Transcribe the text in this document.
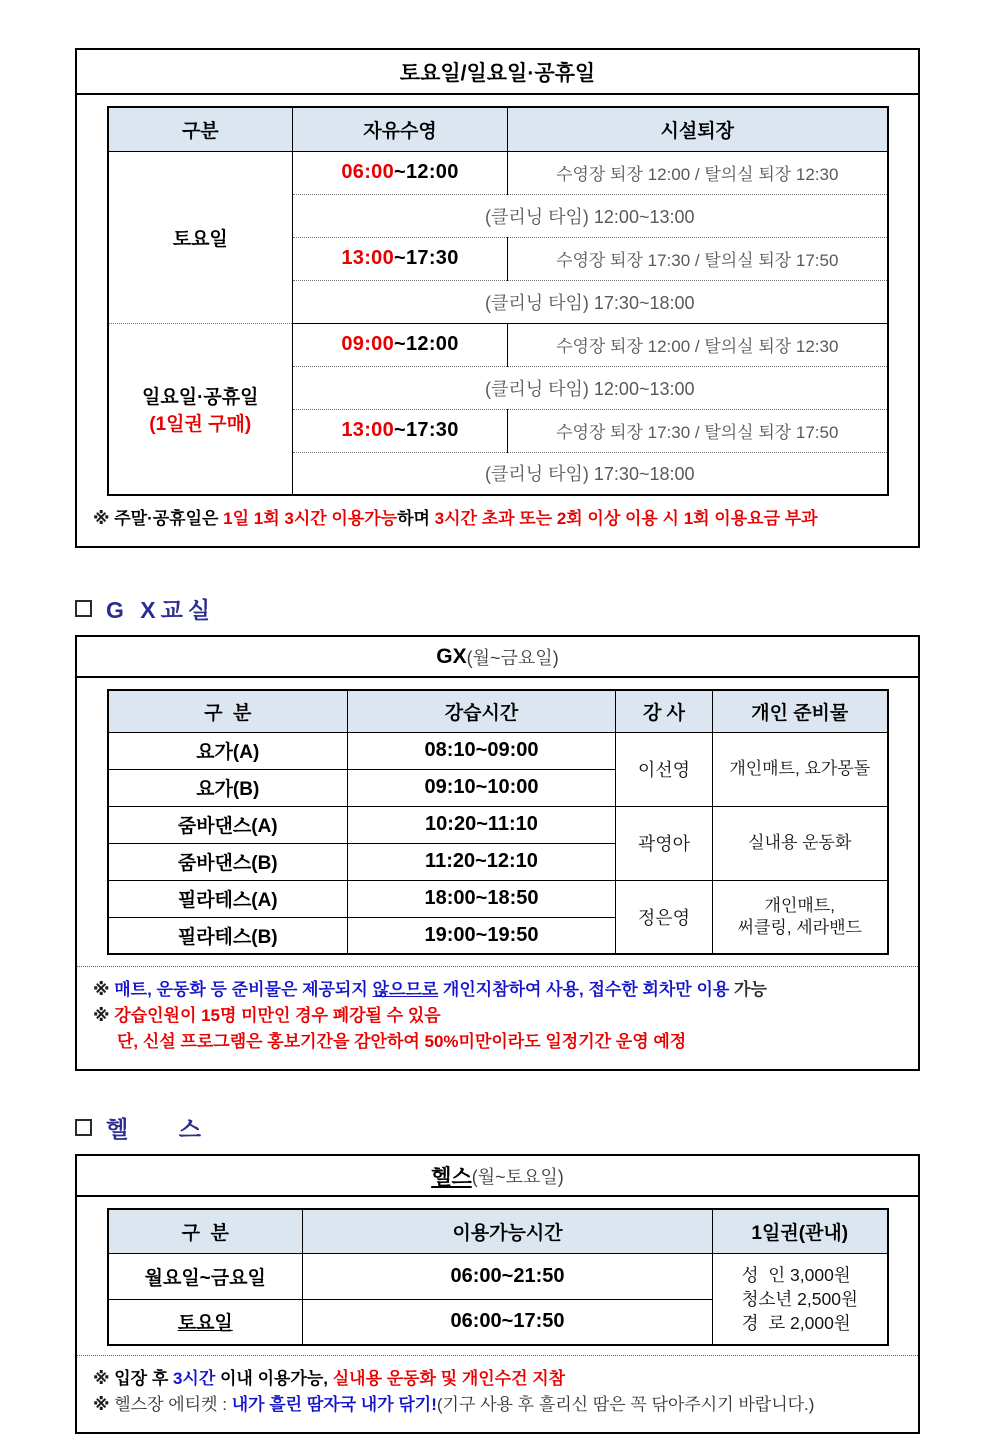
토요일/일요일·공휴일
구분	자유수영	시설퇴장

토요일	06:00~12:00	수영장 퇴장 12:00 / 탈의실 퇴장 12:30
	(클리닝 타임) 12:00~13:00	
	13:00~17:30	수영장 퇴장 17:30 / 탈의실 퇴장 17:50
	(클리닝 타임) 17:30~18:00	

일요일·공휴일
(1일권 구매)	09:00~12:00	수영장 퇴장 12:00 / 탈의실 퇴장 12:30
	(클리닝 타임) 12:00~13:00	
	13:00~17:30	수영장 퇴장 17:30 / 탈의실 퇴장 17:50
	(클리닝 타임) 17:30~18:00	
※ 주말·공휴일은 1일 1회 3시간 이용가능하며 3시간 초과 또는 2회 이상 이용 시 1회 이용요금 부과
G X교실
GX (월~금요일)
구  분	강습시간	강 사	개인 준비물
요가(A)	08:10~09:00	이선영	개인매트, 요가몽돌
요가(B)	09:10~10:00		
줌바댄스(A)	10:20~11:10	곽영아	실내용 운동화
줌바댄스(B)	11:20~12:10		
필라테스(A)	18:00~18:50	정은영	개인매트,
써클링, 세라밴드
필라테스(B)	19:00~19:50		
※ 매트, 운동화 등 준비물은 제공되지 않으므로 개인지참하여 사용, 접수한 회차만 이용 가능
※ 강습인원이 15명 미만인 경우 폐강될 수 있음
단, 신설 프로그램은 홍보기간을 감안하여 50%미만이라도 일정기간 운영 예정
헬    스
헬스 (월~토요일)
구  분	이용가능시간	1일권(관내)
월요일~금요일	06:00~21:50	성  인 3,000원
청소년 2,500원
경  로 2,000원
토요일	06:00~17:50	
※ 입장 후 3시간 이내 이용가능, 실내용 운동화 및 개인수건 지참
※ 헬스장 에티켓 : 내가 흘린 땀자국 내가 닦기!(기구 사용 후 흘리신 땀은 꼭 닦아주시기 바랍니다.)
